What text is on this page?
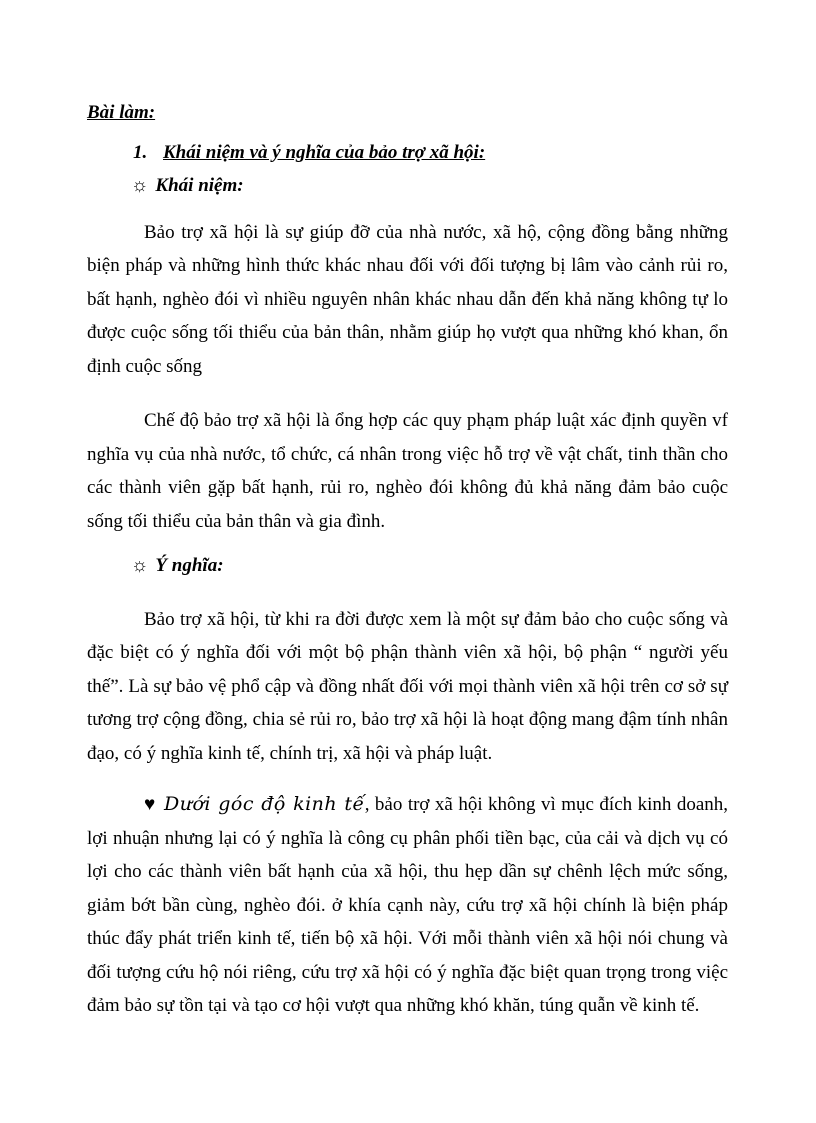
Bài làm:
1. Khái niệm và ý nghĩa của bảo trợ xã hội:
☼ Khái niệm:

Bảo trợ xã hội là sự giúp đỡ của nhà nước, xã hộ, cộng đồng bằng những biện pháp và những hình thức khác nhau đối với đối tượng bị lâm vào cảnh rủi ro, bất hạnh, nghèo đói vì nhiều nguyên nhân khác nhau dẫn đến khả năng không tự lo được cuộc sống tối thiểu của bản thân, nhằm giúp họ vượt qua những khó khan, ổn định cuộc sống

Chế độ bảo trợ xã hội là ổng hợp các quy phạm pháp luật xác định quyền vf nghĩa vụ của nhà nước, tổ chức, cá nhân trong việc hỗ trợ về vật chất, tinh thần cho các thành viên gặp bất hạnh, rủi ro, nghèo đói không đủ khả năng đảm bảo cuộc sống tối thiểu của bản thân và gia đình.

☼ Ý nghĩa:

Bảo trợ xã hội, từ khi ra đời được xem là một sự đảm bảo cho cuộc sống và đặc biệt có ý nghĩa đối với một bộ phận thành viên xã hội, bộ phận “ người yếu thế”. Là sự bảo vệ phổ cập và đồng nhất đối với mọi thành viên xã hội trên cơ sở sự tương trợ cộng đồng, chia sẻ rủi ro, bảo trợ xã hội là hoạt động mang đậm tính nhân đạo, có ý nghĩa kinh tế, chính trị, xã hội và pháp luật.

♥ Dưới góc độ kinh tế, bảo trợ xã hội không vì mục đích kinh doanh, lợi nhuận nhưng lại có ý nghĩa là công cụ phân phối tiền bạc, của cải và dịch vụ có lợi cho các thành viên bất hạnh của xã hội, thu hẹp dần sự chênh lệch mức sống, giảm bớt bần cùng, nghèo đói. ở khía cạnh này, cứu trợ xã hội chính là biện pháp thúc đẩy phát triển kinh tế, tiến bộ xã hội. Với mỗi thành viên xã hội nói chung và đối tượng cứu hộ nói riêng, cứu trợ xã hội có ý nghĩa đặc biệt quan trọng trong việc đảm bảo sự tồn tại và tạo cơ hội vượt qua những khó khăn, túng quẫn về kinh tế.
